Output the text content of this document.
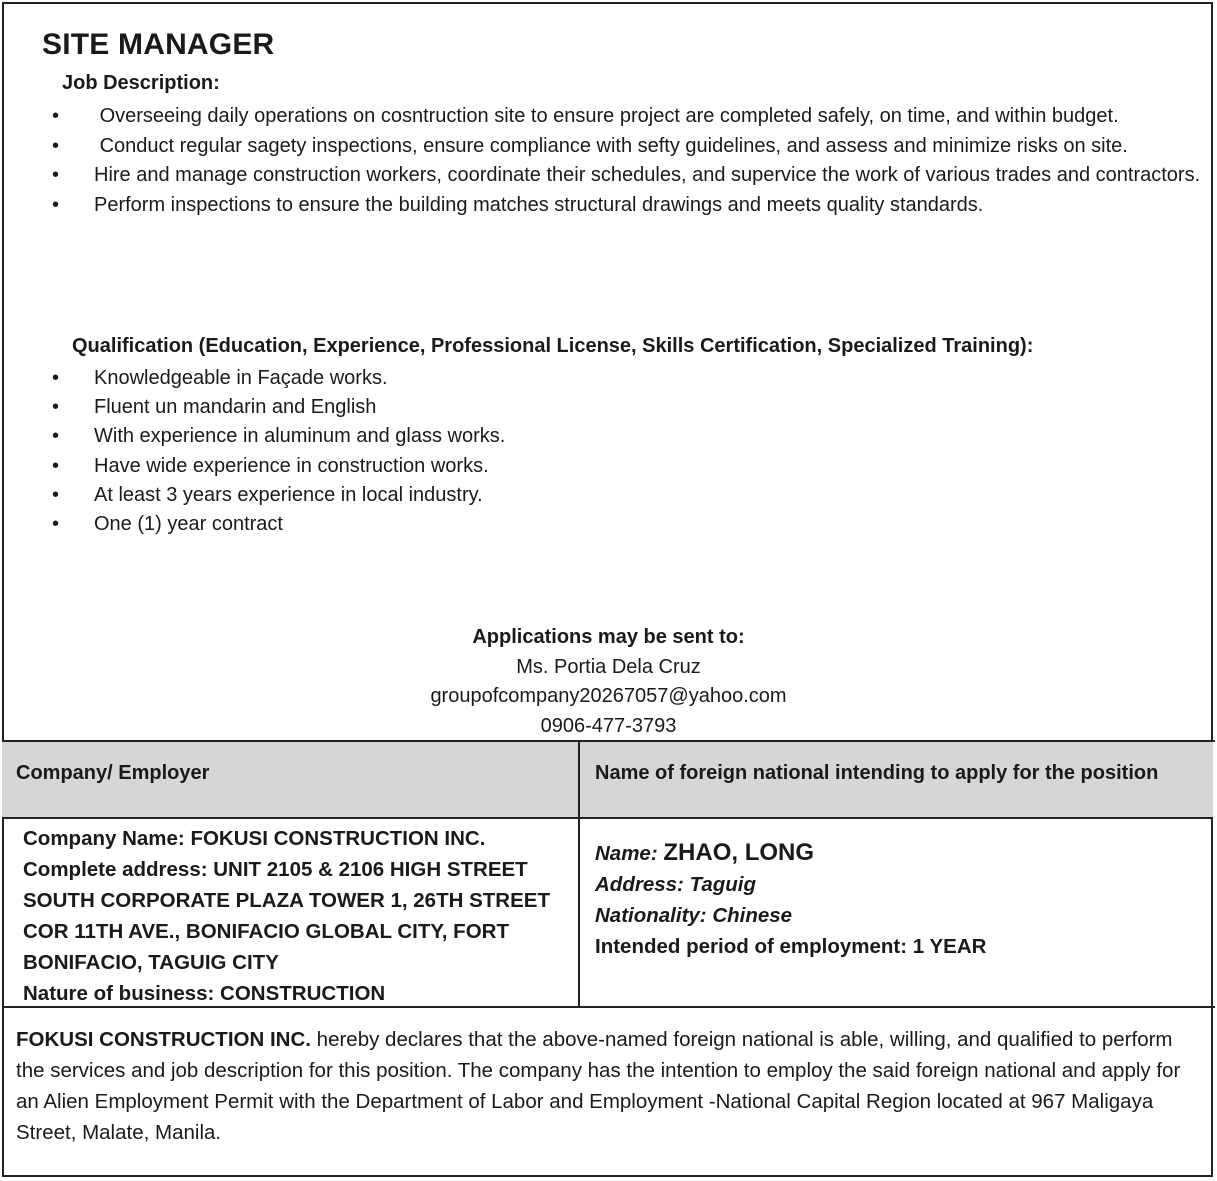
SITE MANAGER
Job Description:
• Overseeing daily operations on cosntruction site to ensure project are completed safely, on time, and within budget.
• Conduct regular sagety inspections, ensure compliance with sefty guidelines, and assess and minimize risks on site.
• Hire and manage construction workers, coordinate their schedules, and supervice the work of various trades and contractors.
• Perform inspections to ensure the building matches structural drawings and meets quality standards.
Qualification (Education, Experience, Professional License, Skills Certification, Specialized Training):
• Knowledgeable in Façade works.
• Fluent un mandarin and English
• With experience in aluminum and glass works.
• Have wide experience in construction works.
• At least 3 years experience in local industry.
• One (1) year contract
Applications may be sent to:
Ms. Portia Dela Cruz
groupofcompany20267057@yahoo.com
0906-477-3793
Company/ Employer	Name of foreign national intending to apply for the position
Company Name: FOKUSI CONSTRUCTION INC.
Complete address: UNIT 2105 & 2106 HIGH STREET SOUTH CORPORATE PLAZA TOWER 1, 26TH STREET COR 11TH AVE., BONIFACIO GLOBAL CITY, FORT BONIFACIO, TAGUIG CITY
Nature of business: CONSTRUCTION
Name: ZHAO, LONG
Address: Taguig
Nationality: Chinese
Intended period of employment: 1 YEAR

FOKUSI CONSTRUCTION INC. hereby declares that the above-named foreign national is able, willing, and qualified to perform the services and job description for this position. The company has the intention to employ the said foreign national and apply for an Alien Employment Permit with the Department of Labor and Employment -National Capital Region located at 967 Maligaya Street, Malate, Manila.
